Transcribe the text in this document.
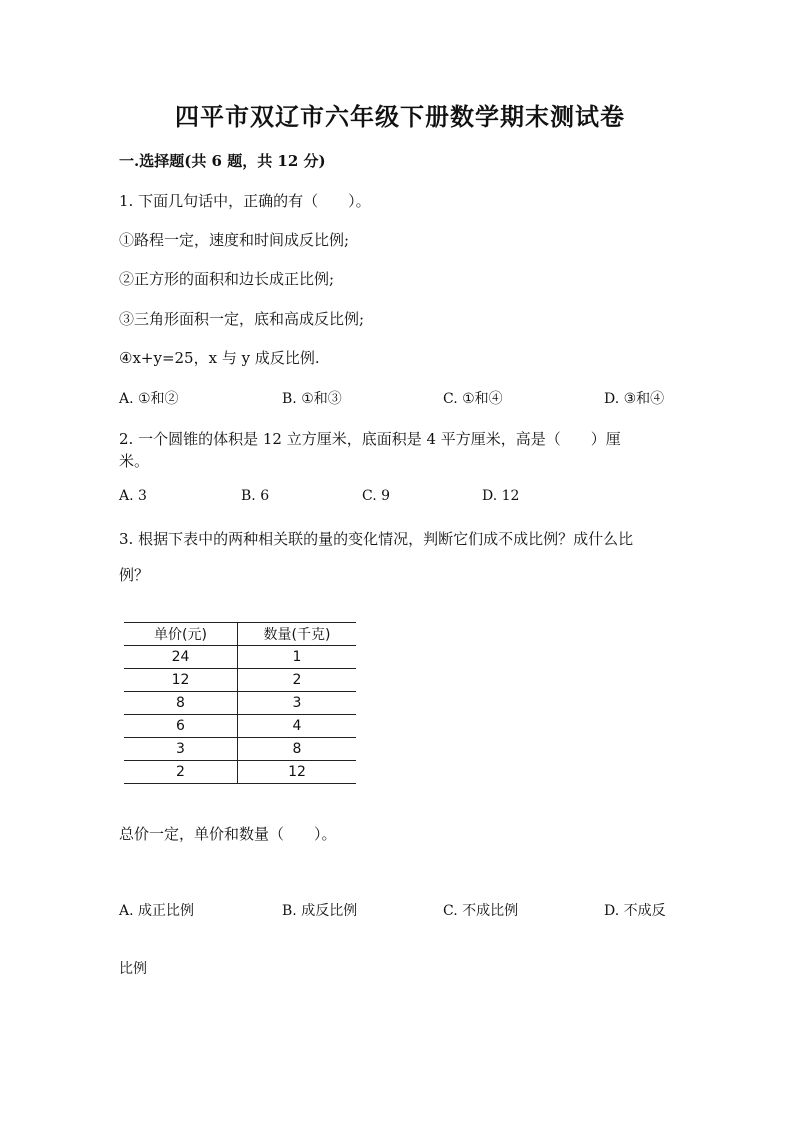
四平市双辽市六年级下册数学期末测试卷
一.选择题(共 6 题，共 12 分)
1. 下面几句话中，正确的有（　　）。
①路程一定，速度和时间成反比例;
②正方形的面积和边长成正比例;
③三角形面积一定，底和高成反比例;
④x+y=25，x 与 y 成反比例.
A. ①和②	B. ①和③	C. ①和④	D. ③和④
2. 一个圆锥的体积是 12 立方厘米，底面积是 4 平方厘米，高是（　　）厘
米。
A. 3	B. 6	C. 9	D. 12
3. 根据下表中的两种相关联的量的变化情况，判断它们成不成比例？成什么比
例？
单价(元)	数量(千克)
24	1
12	2
8	3
6	4
3	8
2	12
总价一定，单价和数量（　　）。
A. 成正比例	B. 成反比例	C. 不成比例	D. 不成反
比例
